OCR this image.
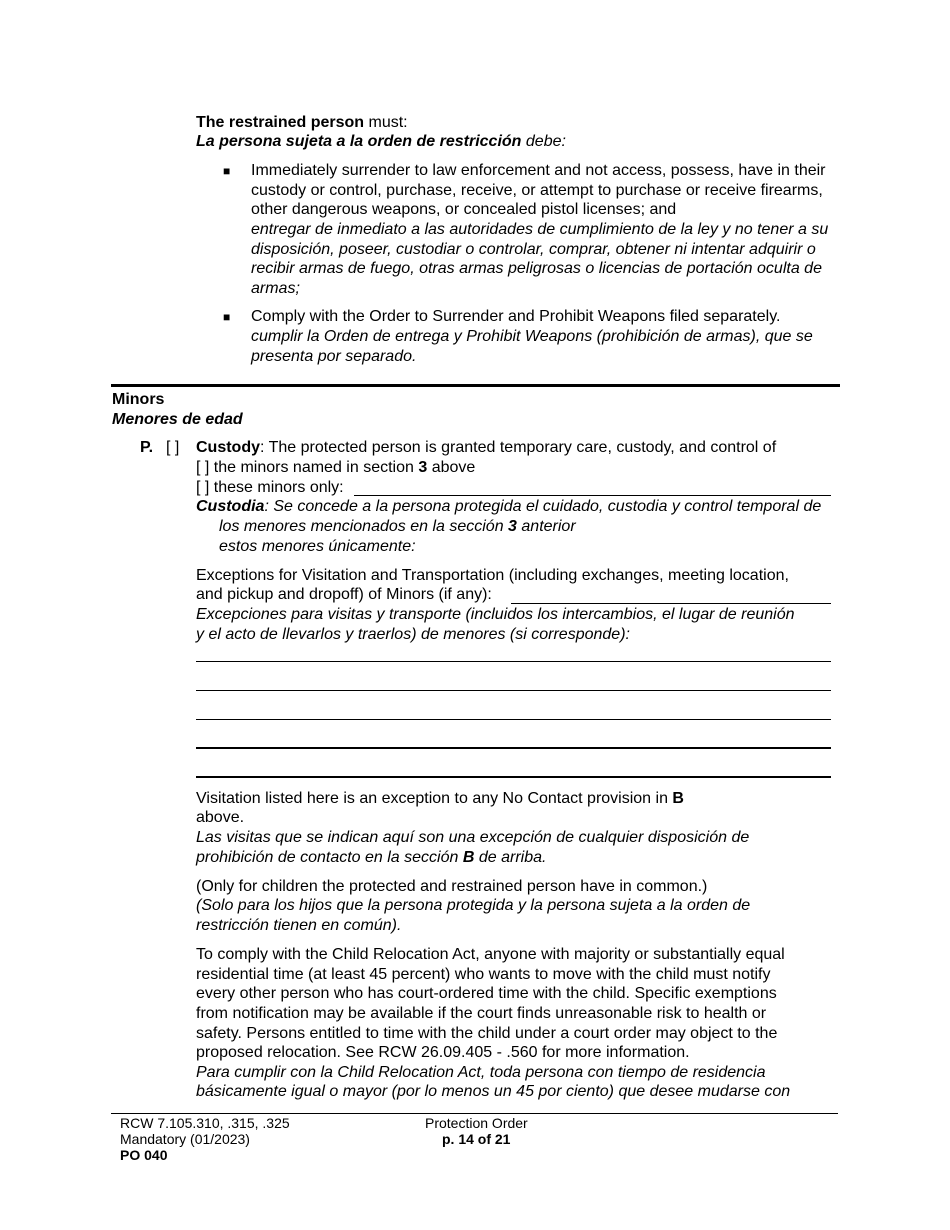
The restrained person must:
La persona sujeta a la orden de restricción debe:
■ Immediately surrender to law enforcement and not access, possess, have in their custody or control, purchase, receive, or attempt to purchase or receive firearms, other dangerous weapons, or concealed pistol licenses; and
entregar de inmediato a las autoridades de cumplimiento de la ley y no tener a su disposición, poseer, custodiar o controlar, comprar, obtener ni intentar adquirir o recibir armas de fuego, otras armas peligrosas o licencias de portación oculta de armas;
■ Comply with the Order to Surrender and Prohibit Weapons filed separately.
cumplir la Orden de entrega y Prohibit Weapons (prohibición de armas), que se presenta por separado.
Minors
Menores de edad
P. [ ] Custody: The protected person is granted temporary care, custody, and control of
[ ] the minors named in section 3 above
[ ] these minors only:
Custodia: Se concede a la persona protegida el cuidado, custodia y control temporal de
los menores mencionados en la sección 3 anterior
estos menores únicamente:
Exceptions for Visitation and Transportation (including exchanges, meeting location,
and pickup and dropoff) of Minors (if any):
Excepciones para visitas y transporte (incluidos los intercambios, el lugar de reunión
y el acto de llevarlos y traerlos) de menores (si corresponde):
Visitation listed here is an exception to any No Contact provision in B
above.
Las visitas que se indican aquí son una excepción de cualquier disposición de
prohibición de contacto en la sección B de arriba.
(Only for children the protected and restrained person have in common.)
(Solo para los hijos que la persona protegida y la persona sujeta a la orden de
restricción tienen en común).
To comply with the Child Relocation Act, anyone with majority or substantially equal
residential time (at least 45 percent) who wants to move with the child must notify
every other person who has court-ordered time with the child. Specific exemptions
from notification may be available if the court finds unreasonable risk to health or
safety. Persons entitled to time with the child under a court order may object to the
proposed relocation. See RCW 26.09.405 - .560 for more information.
Para cumplir con la Child Relocation Act, toda persona con tiempo de residencia
básicamente igual o mayor (por lo menos un 45 por ciento) que desee mudarse con
RCW 7.105.310, .315, .325
Mandatory (01/2023)
PO 040
Protection Order
p. 14 of 21
